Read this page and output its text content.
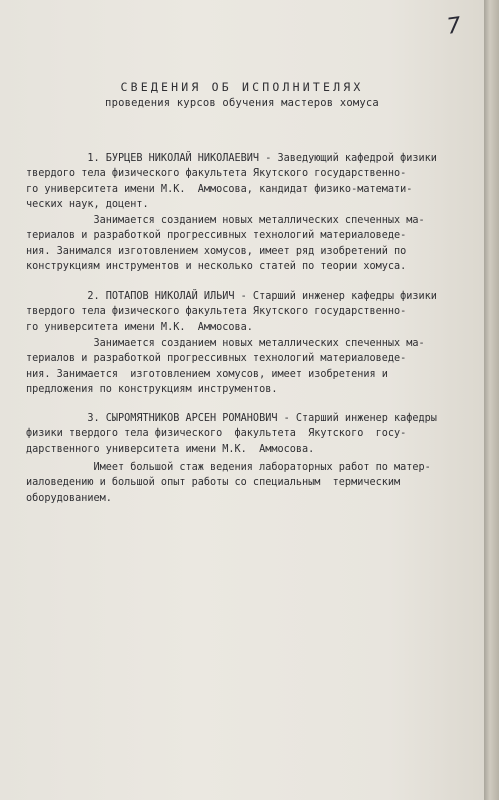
7
СВЕДЕНИЯ ОБ ИСПОЛНИТЕЛЯХ
проведения курсов обучения мастеров хомуса
1. БУРЦЕВ НИКОЛАЙ НИКОЛАЕВИЧ - Заведующий кафедрой физики
твердого тела физического факультета Якутского государственно-
го университета имени М.К.  Аммосова, кандидат физико-математи-
ческих наук, доцент.
Занимается созданием новых металлических спеченных ма-
териалов и разработкой прогрессивных технологий материаловеде-
ния. Занимался изготовлением хомусов, имеет ряд изобретений по
конструкциям инструментов и несколько статей по теории хомуса.
2. ПОТАПОВ НИКОЛАЙ ИЛЬИЧ - Старший инженер кафедры физики
твердого тела физического факультета Якутского государственно-
го университета имени М.К.  Аммосова.
Занимается созданием новых металлических спеченных ма-
териалов и разработкой прогрессивных технологий материаловеде-
ния. Занимается  изготовлением хомусов, имеет изобретения и
предложения по конструкциям инструментов.
3. СЫРОМЯТНИКОВ АРСЕН РОМАНОВИЧ - Старший инженер кафедры
физики твердого тела физического  факультета  Якутского  госу-
дарственного университета имени М.К.  Аммосова.
Имеет большой стаж ведения лабораторных работ по матер-
иаловедению и большой опыт работы со специальным  термическим
оборудованием.
